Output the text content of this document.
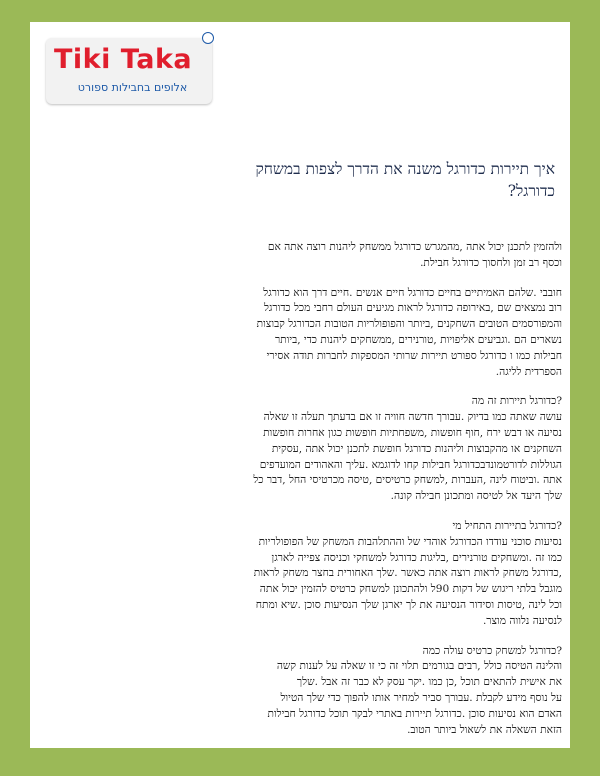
Tiki Taka
אלופים בחבילות ספורט
איך תיירות כדורגל משנה את הדרך לצפות במשחק
כדורגל?

ולהזמין לתכנן יכול אתה ,מהמגרש כדורגל ממשחק ליהנות רוצה אתה אם
וכסף רב זמן ולחסוך כדורגל חבילת.

חובבי .שלהם האמיתיים בחיים כדורגל חיים אנשים .חיים דרך הוא כדורגל
רוב נמצאים שם ,באירופה כדורגל לראות מגיעים העולם רחבי מכל כדורגל
והמפורסמים הטובים השחקנים ,ביותר והפופולריות הטובות הכדורגל קבוצות
נשארים הם .וגביעים אליפויות ,טורנירים ,ממשחקים ליהנות כדי ,ביותר
חבילות כמו ו כדורגל ספורט תיירות שרותי המספקות לחברות תודה אסירי
הספרדית לליגה.

?כדורגל תיירות זה מה
עושה שאתה כמו בדיוק .עבורך חדשה חוויה זו אם בדעתך תעלה זו שאלה
נסיעה או דבש ירח ,חוף חופשות ,משפחתיות חופשות כגון אחרות חופשות
השחקנים או מהקבוצות וליהנות כדורגל חופשת לתכנן יכול אתה ,עסקית
הגוללות לדורטמונדבכדורגל חבילות קחו לדוגמא .עליך והאהודים המועדפים
אתה .וביטוח לינה ,העברות ,למשחק כרטיסים ,טיסה מכרטיסי החל ,דבר כל
שלך היעד אל לטיסה ומתכונן חבילה קונה.

?כדורגל בתיירות התחיל מי
נסיעות סוכני עודדו הכדורגל אוהדי של וההתלהבות המשחק של הפופולריות
כמו זה .ומשחקים טורנירים ,בליגות כדורגל למשחקי וכניסה צפייה לארגן
,כדורגל משחק לראות רוצה אתה כאשר .שלך האחורית בחצר משחק לראות
מוגבל בלתי ריגוש של דקות 90ל ולהתכונן למשחק כרטיס להזמין יכול אתה
וכל לינה ,טיסות וסידור הנסיעה את לך יארגן שלך הנסיעות סוכן .שיא ומתח
לנסיעה נלווה מוצר.

?כדורגל למשחק כרטיס עולה כמה
והלינה הטיסה כולל ,רבים בגורמים תלוי זה כי זו שאלה על לענות קשה
את אישית להתאים תוכל ,כן כמו .יקר עסק לא כבר זה אבל .שלך
על נוסף מידע לקבלת .עבורך סביר למחיר אותו להפוך כדי שלך הטיול
האדם הוא נסיעות סוכן .כדורגל תיירות באתרי לבקר תוכל כדורגל חבילות
הזאת השאלה את לשאול ביותר הטוב.
